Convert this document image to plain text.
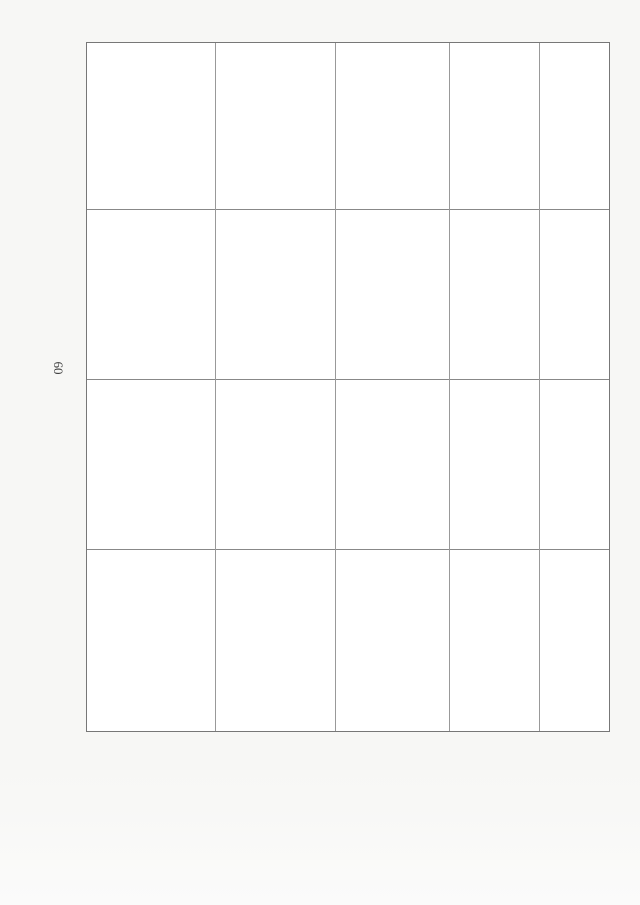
60
